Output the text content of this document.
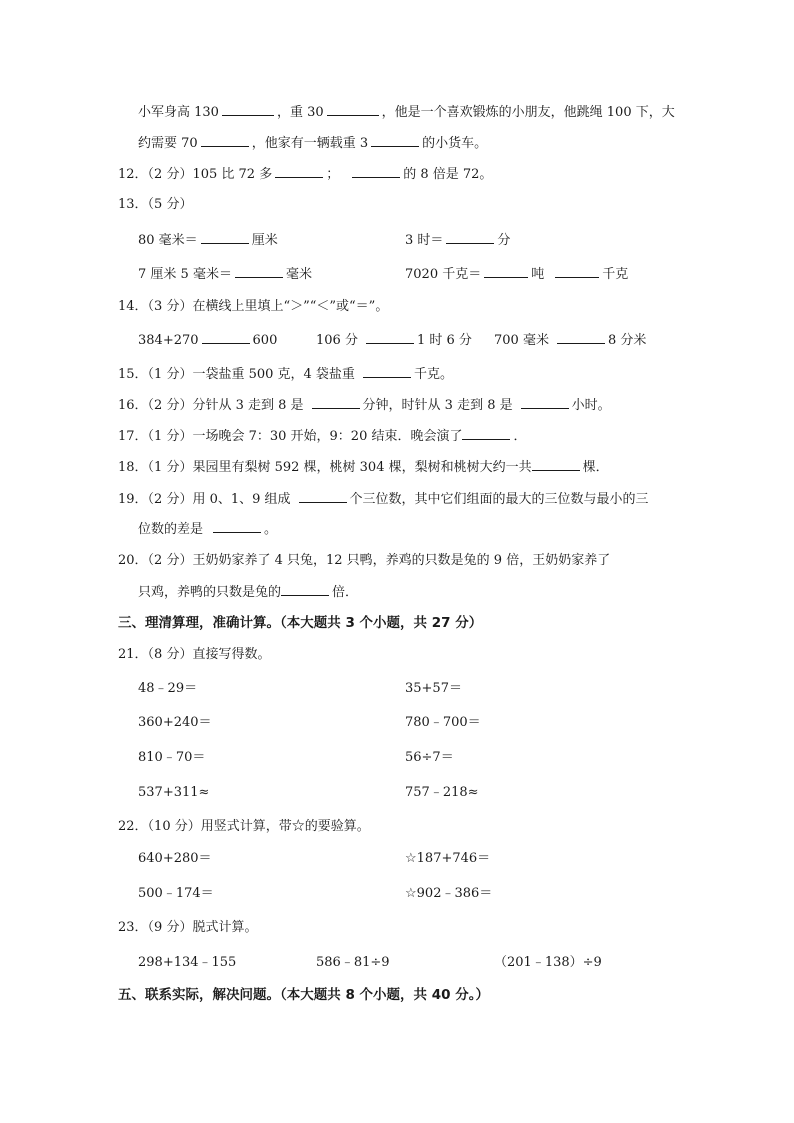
小军身高 130	，重 30	，他是一个喜欢锻炼的小朋友，他跳绳 100 下，大
约需要 70	，他家有一辆载重 3	的小货车。
12．（2 分）105 比 72 多	；	的 8 倍是 72。
13．（5 分）
80 毫米＝	厘米	3 时＝	分
7 厘米 5 毫米＝	毫米	7020 千克＝	吨	千克
14．（3 分）在横线上里填上“＞”“＜”或“＝”。
384+270	600	106 分	1 时 6 分 700 毫米	8 分米
15．（1 分）一袋盐重 500 克，4 袋盐重	千克。
16．（2 分）分针从 3 走到 8 是	分钟，时针从 3 走到 8 是	小时。
17．（1 分）一场晚会 7：30 开始，9：20 结束．晚会演了	．
18．（1 分）果园里有梨树 592 棵，桃树 304 棵，梨树和桃树大约一共	棵．
19．（2 分）用 0、1、9 组成	个三位数，其中它们组面的最大的三位数与最小的三
位数的差是	。
20．（2 分）王奶奶家养了 4 只兔，12 只鸭，养鸡的只数是兔的 9 倍，王奶奶家养了
只鸡，养鸭的只数是兔的	倍．
三、理清算理，准确计算。（本大题共 3 个小题，共 27 分）
21．（8 分）直接写得数。
48﹣29＝	35+57＝
360+240＝	780﹣700＝
810﹣70＝	56÷7＝
537+311≈	757﹣218≈
22．（10 分）用竖式计算，带☆的要验算。
640+280＝	☆187+746＝
500﹣174＝	☆902﹣386＝
23．（9 分）脱式计算。
298+134﹣155	586﹣81÷9	（201﹣138）÷9
五、联系实际，解决问题。（本大题共 8 个小题，共 40 分。）
